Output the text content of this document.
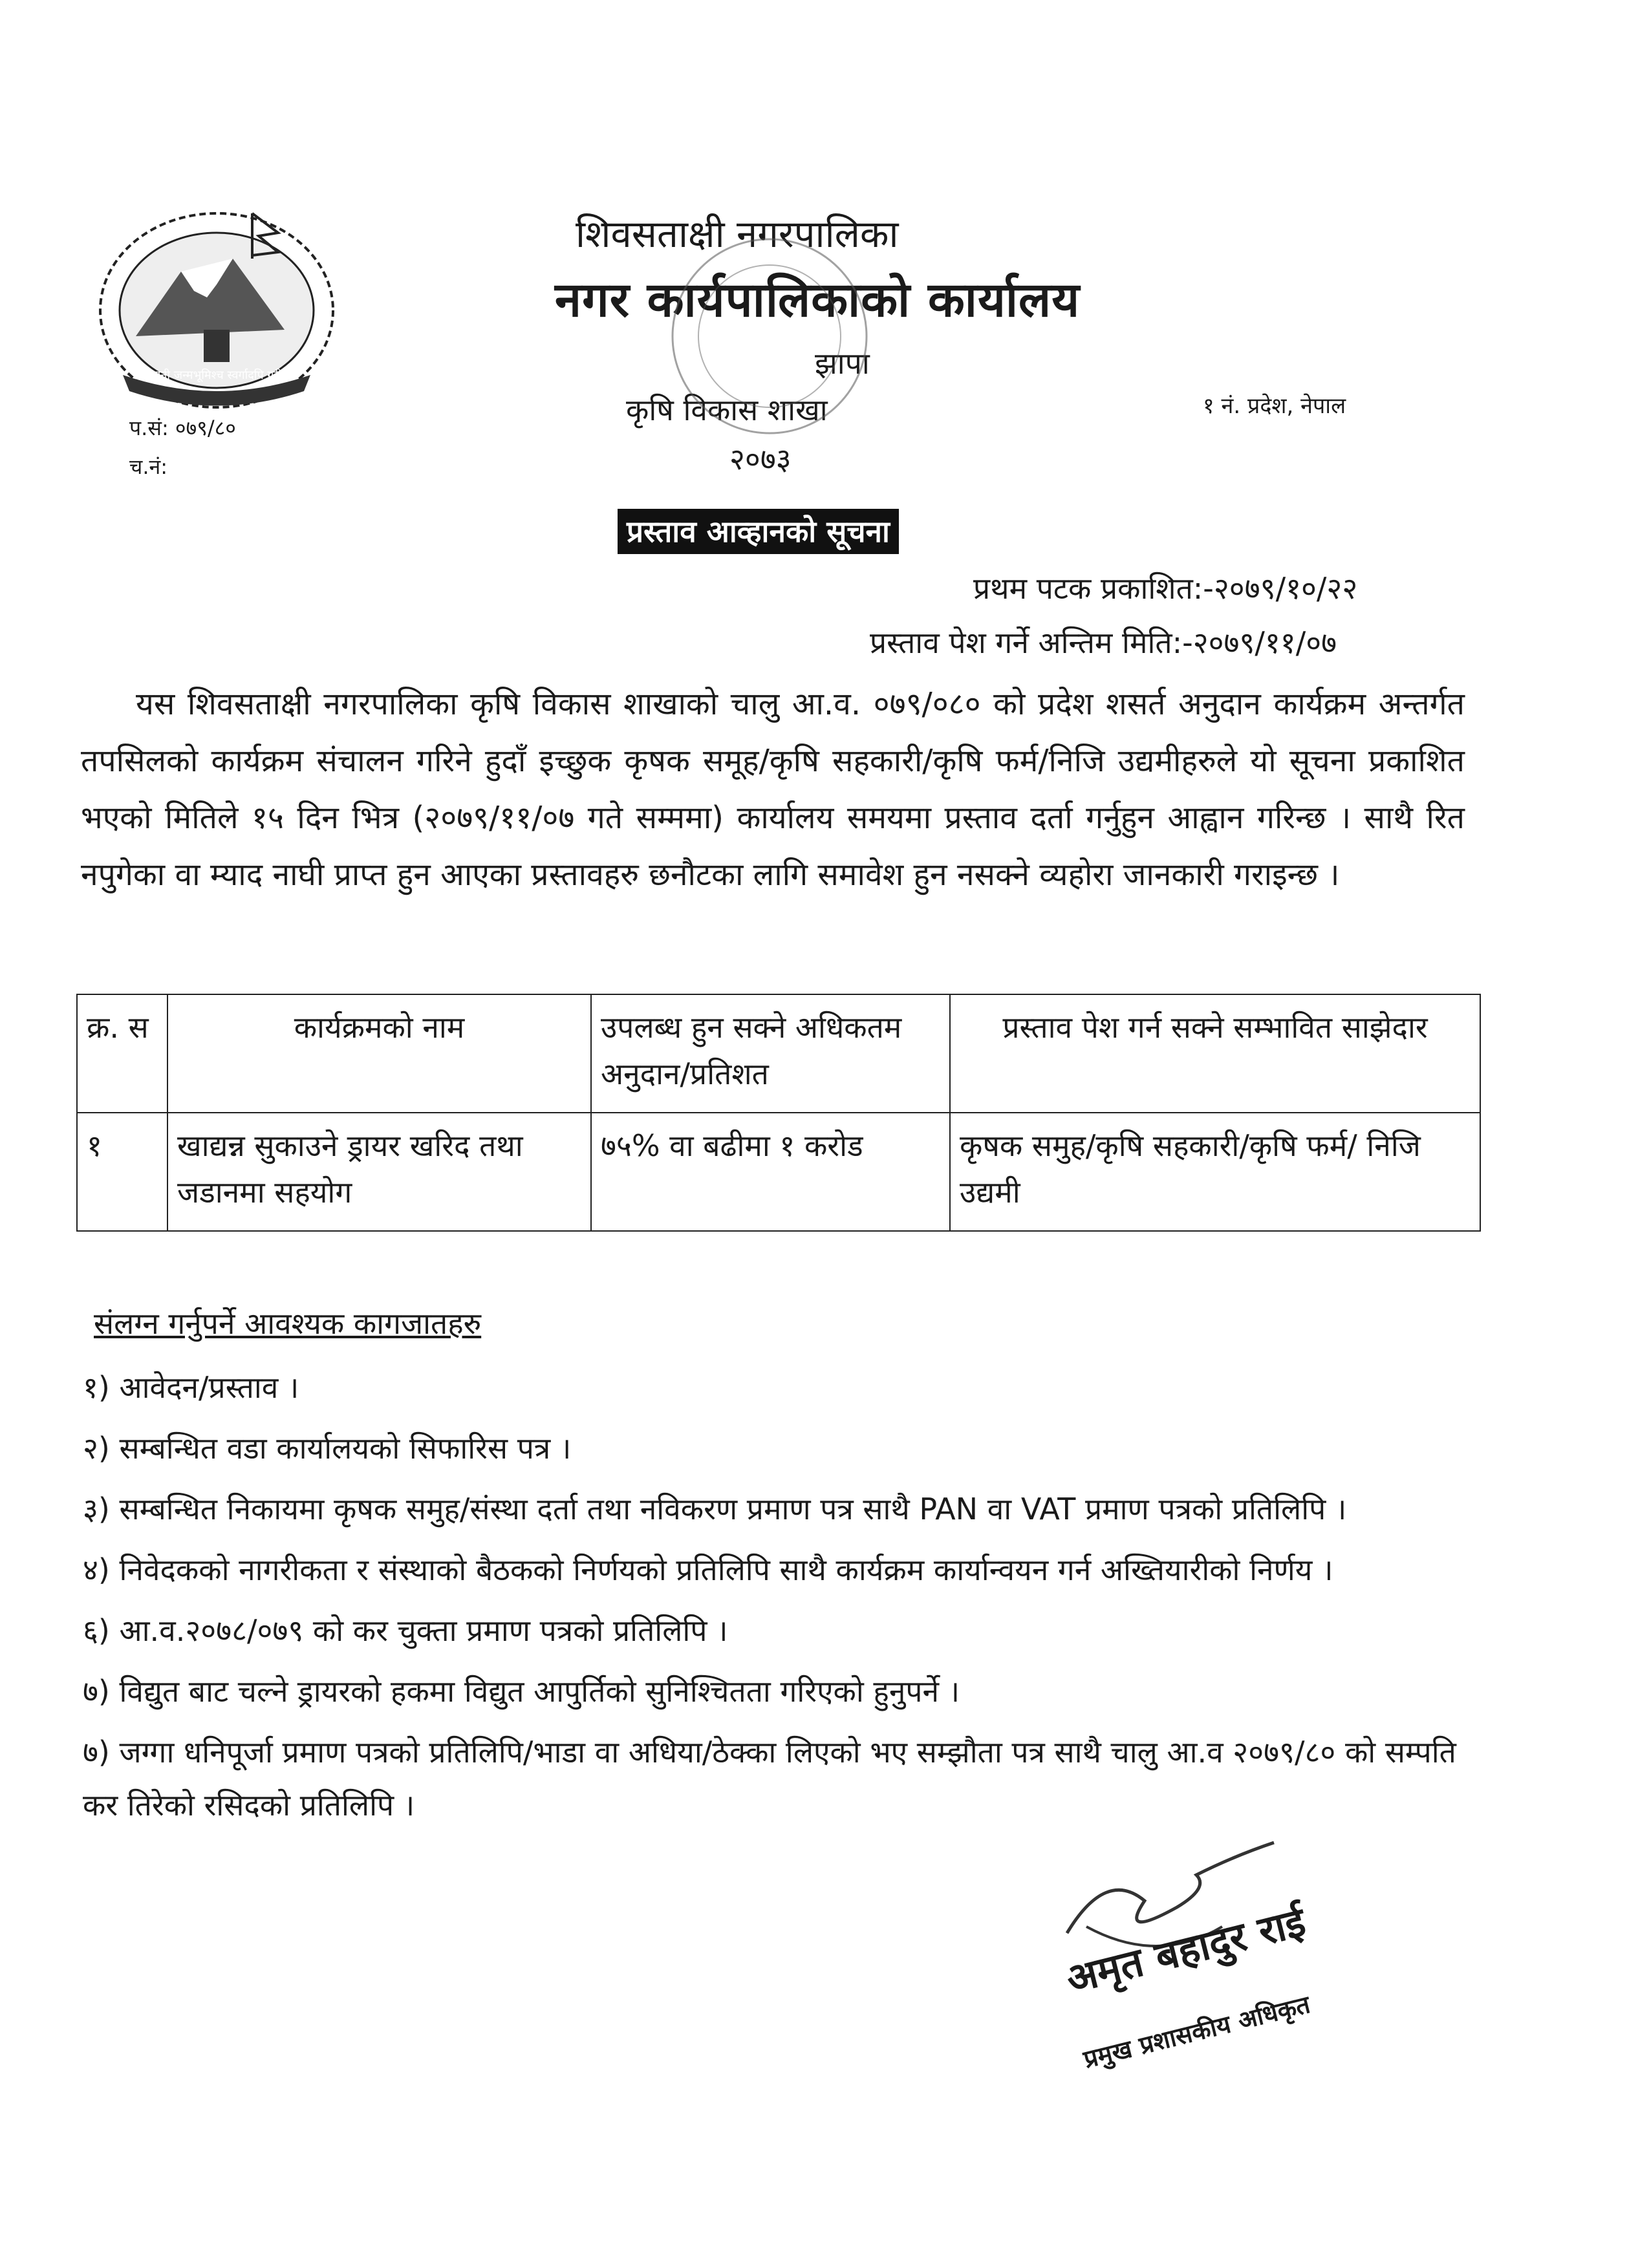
जननी जन्मभूमिश्च स्वर्गादपि गरीयसी
शिवसताक्षी नगरपालिका
नगर कार्यपालिकाको कार्यालय
झापा
कृषि विकास शाखा	१ नं. प्रदेश, नेपाल
प.सं: ०७९/८०
च.नं:	२०७३
प्रस्ताव आव्हानको सूचना
प्रथम पटक प्रकाशित:-२०७९/१०/२२
प्रस्ताव पेश गर्ने अन्तिम मिति:-२०७९/११/०७
यस शिवसताक्षी नगरपालिका कृषि विकास शाखाको चालु आ.व. ०७९/०८० को प्रदेश शसर्त अनुदान कार्यक्रम अन्तर्गत तपसिलको कार्यक्रम संचालन गरिने हुदाँ इच्छुक कृषक समूह/कृषि सहकारी/कृषि फर्म/निजि उद्यमीहरुले यो सूचना प्रकाशित भएको मितिले १५ दिन भित्र (२०७९/११/०७ गते सम्ममा) कार्यालय समयमा प्रस्ताव दर्ता गर्नुहुन आह्वान गरिन्छ । साथै रित नपुगेका वा म्याद नाघी प्राप्त हुन आएका प्रस्तावहरु छनौटका लागि समावेश हुन नसक्ने व्यहोरा जानकारी गराइन्छ ।
क्र. स	कार्यक्रमको नाम	उपलब्ध हुन सक्ने अधिकतम अनुदान/प्रतिशत	प्रस्ताव पेश गर्न सक्ने सम्भावित साझेदार
१	खाद्यन्न सुकाउने ड्रायर खरिद तथा जडानमा सहयोग	७५% वा बढीमा १ करोड	कृषक समुह/कृषि सहकारी/कृषि फर्म/ निजि उद्यमी
संलग्न गर्नुपर्ने आवश्यक कागजातहरु
१) आवेदन/प्रस्ताव ।
२) सम्बन्धित वडा कार्यालयको सिफारिस पत्र ।
३) सम्बन्धित निकायमा कृषक समुह/संस्था दर्ता तथा नविकरण प्रमाण पत्र साथै PAN वा VAT प्रमाण पत्रको प्रतिलिपि ।
४) निवेदकको नागरीकता र संस्थाको बैठकको निर्णयको प्रतिलिपि साथै कार्यक्रम कार्यान्वयन गर्न अख्तियारीको निर्णय ।
६) आ.व.२०७८/०७९ को कर चुक्ता प्रमाण पत्रको प्रतिलिपि ।
७) विद्युत बाट चल्ने ड्रायरको हकमा विद्युत आपुर्तिको सुनिश्चितता गरिएको हुनुपर्ने ।
७) जग्गा धनिपूर्जा प्रमाण पत्रको प्रतिलिपि/भाडा वा अधिया/ठेक्का लिएको भए सम्झौता पत्र साथै चालु आ.व २०७९/८० को सम्पति कर तिरेको रसिदको प्रतिलिपि ।
अमृत बहादुर राई
प्रमुख प्रशासकीय अधिकृत
